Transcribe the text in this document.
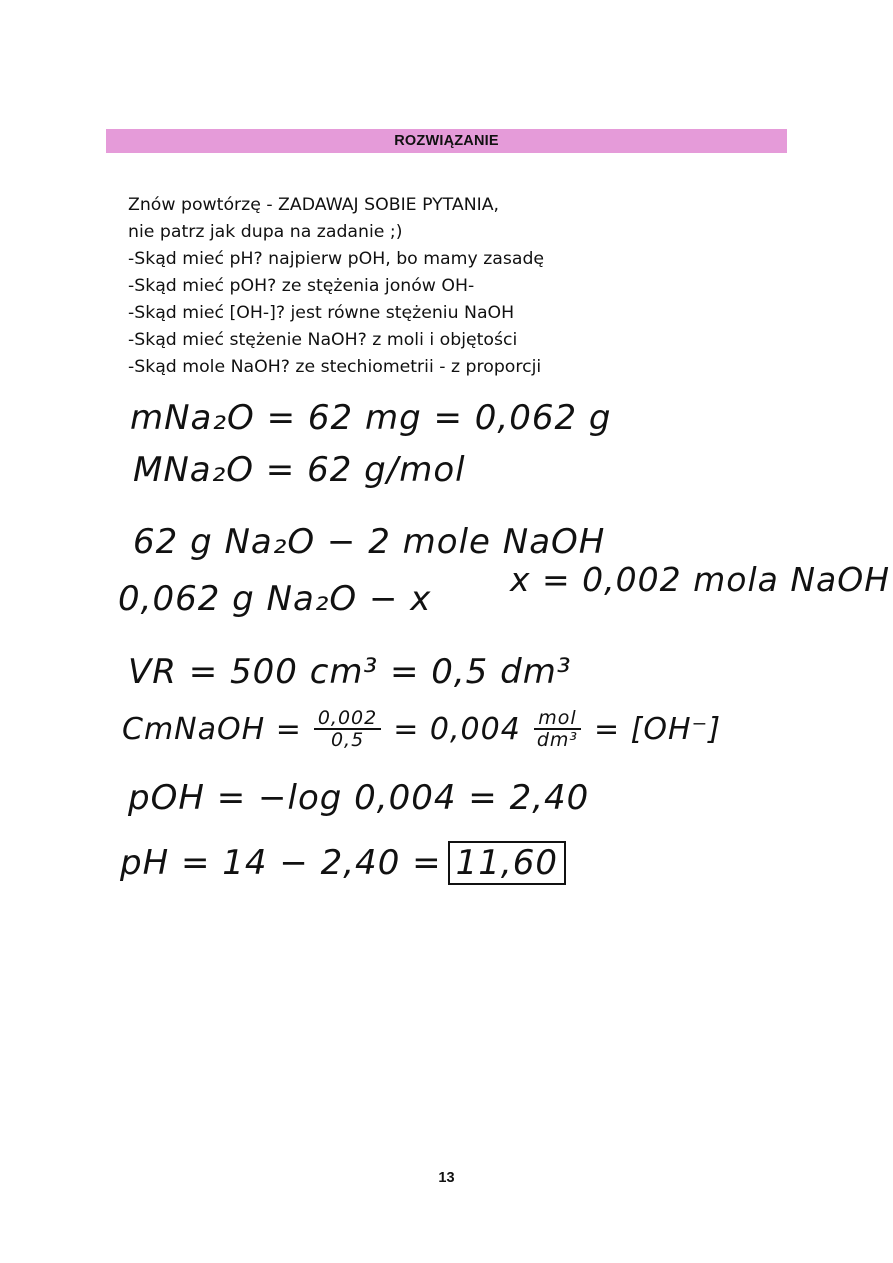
ROZWIĄZANIE
Znów powtórzę - ZADAWAJ SOBIE PYTANIA,
nie patrz jak dupa na zadanie ;)
-Skąd mieć pH? najpierw pOH, bo mamy zasadę
-Skąd mieć pOH? ze stężenia jonów OH-
-Skąd mieć [OH-]? jest równe stężeniu NaOH
-Skąd mieć stężenie NaOH? z moli i objętości
-Skąd mole NaOH? ze stechiometrii - z proporcji

mNa₂O = 62 mg = 0,062 g

MNa₂O = 62 g/mol

62 g Na₂O − 2 mole NaOH

0,062 g Na₂O − x x = 0,002 mola NaOH

VR = 500 cm³ = 0,5 dm³

CmNaOH = $\frac{0,002}{0,5} = 0,004 \frac{\text{mol}}{\text{dm³}} = [OH^-]$

pOH = −log 0,004 = 2,40

pH = 14 − 2,40 = 11,60

13
